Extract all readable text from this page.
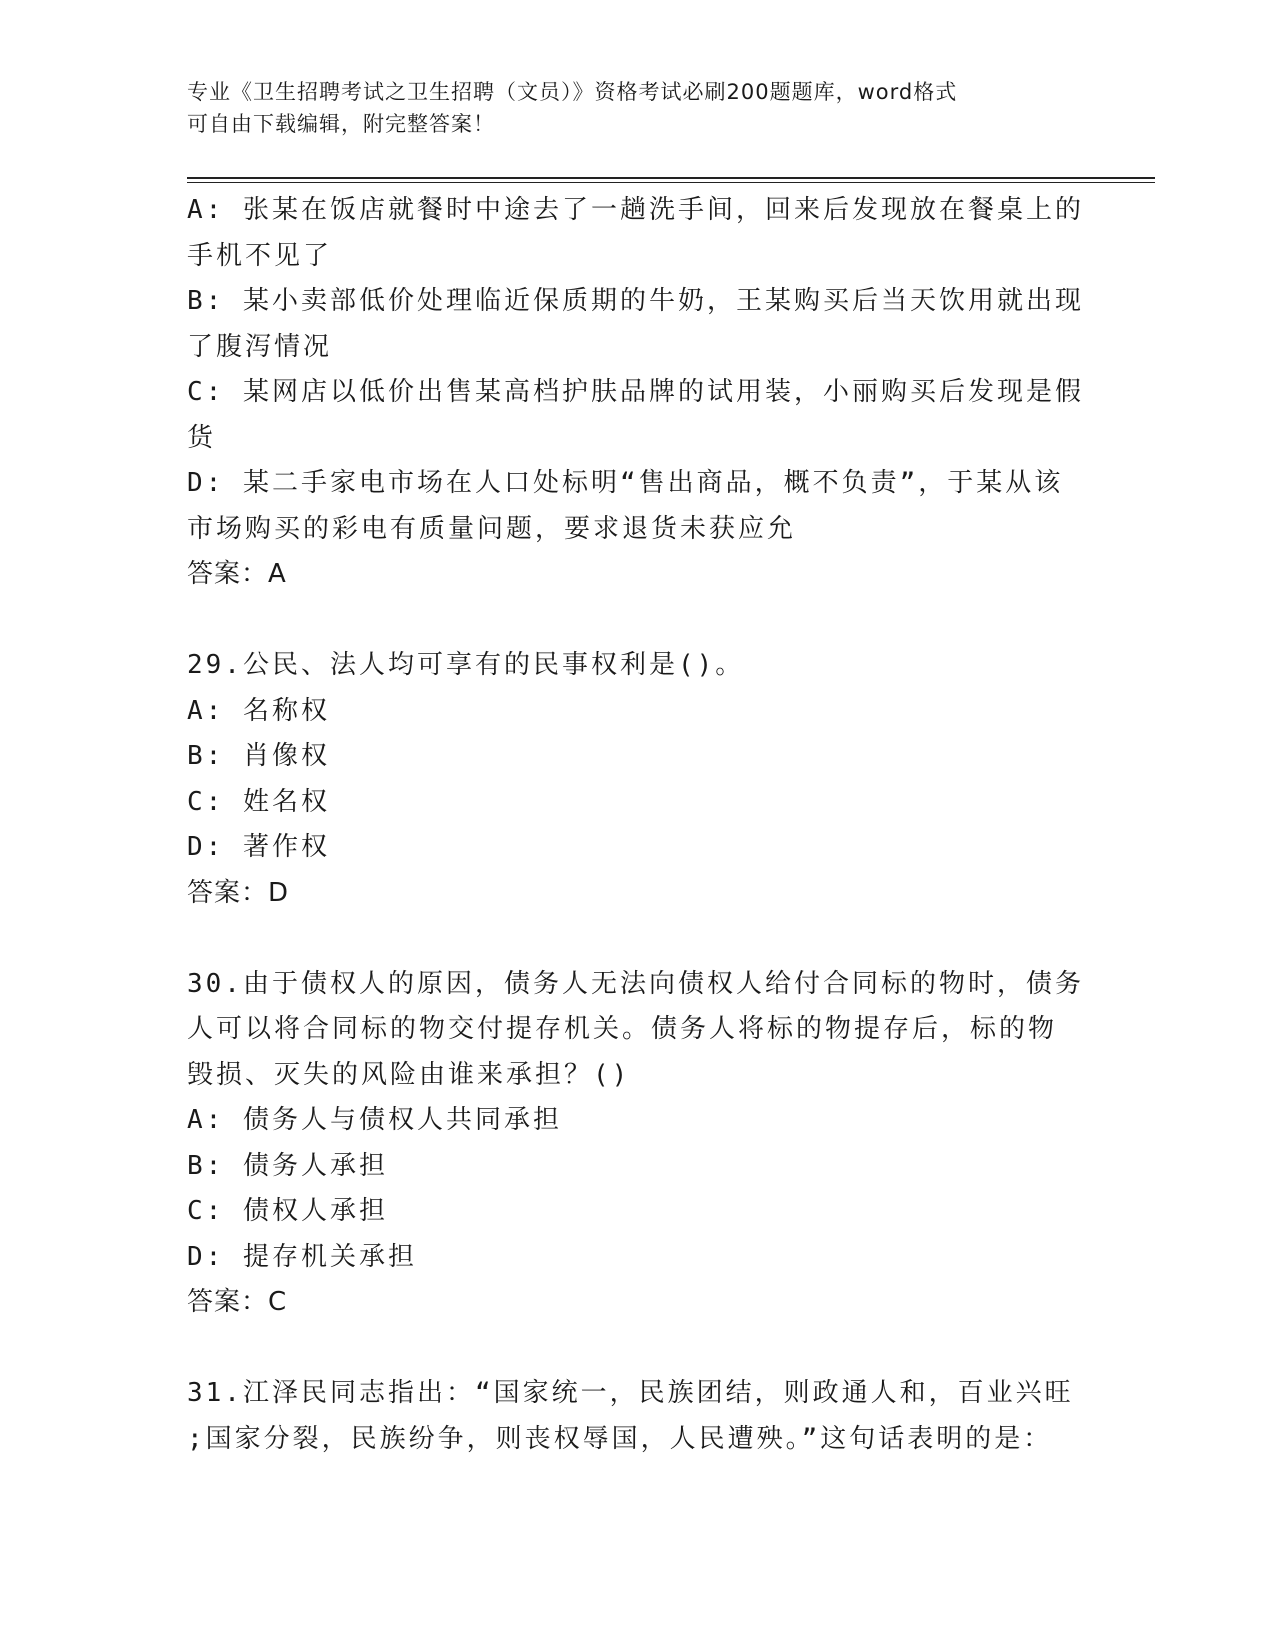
专业《卫生招聘考试之卫生招聘（文员）》资格考试必刷200题题库，word格式
可自由下载编辑，附完整答案！
A: 张某在饭店就餐时中途去了一趟洗手间，回来后发现放在餐桌上的
手机不见了
B: 某小卖部低价处理临近保质期的牛奶，王某购买后当天饮用就出现
了腹泻情况
C: 某网店以低价出售某高档护肤品牌的试用装，小丽购买后发现是假
货
D: 某二手家电市场在人口处标明“售出商品，概不负责”，于某从该
市场购买的彩电有质量问题，要求退货未获应允
答案：A
29.公民、法人均可享有的民事权利是()。
A: 名称权
B: 肖像权
C: 姓名权
D: 著作权
答案：D
30.由于债权人的原因，债务人无法向债权人给付合同标的物时，债务
人可以将合同标的物交付提存机关。债务人将标的物提存后，标的物
毁损、灭失的风险由谁来承担？()
A: 债务人与债权人共同承担
B: 债务人承担
C: 债权人承担
D: 提存机关承担
答案：C
31.江泽民同志指出：“国家统一，民族团结，则政通人和，百业兴旺
;国家分裂，民族纷争，则丧权辱国，人民遭殃。”这句话表明的是：
